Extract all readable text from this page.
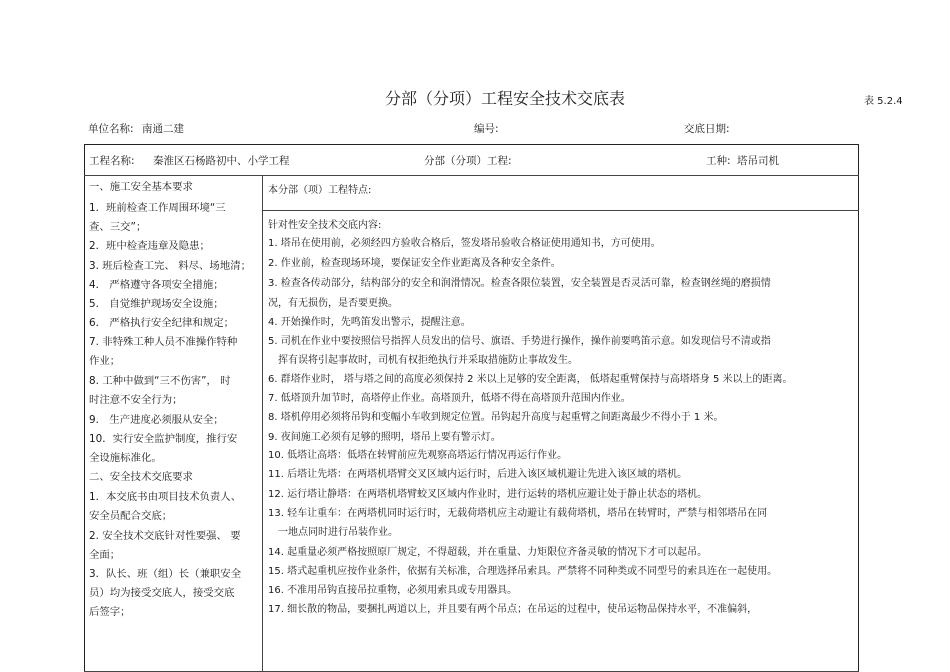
分部（分项）工程安全技术交底表	表 5.2.4
单位名称: 南通二建	编号:	交底日期:
工程名称: 秦淮区石杨路初中、小学工程	分部（分项）工程:	工种: 塔吊司机
一、施工安全基本要求
1．班前检查工作周围环境“三
查、三交”；
2．班中检查违章及隐患；
3. 班后检查工完、 料尽、场地清；
4． 严格遵守各项安全措施；
5． 自觉维护现场安全设施；
6． 严格执行安全纪律和规定；
7. 非特殊工种人员不准操作特种
作业；
8. 工种中做到“三不伤害”， 时
时注意不安全行为；
9． 生产进度必须服从安全；
10．实行安全监护制度，推行安
全设施标准化。
二、安全技术交底要求
1．本交底书由项目技术负责人、
安全员配合交底；
2. 安全技术交底针对性要强、 要
全面；
3．队长、班（组）长（兼职安全
员）均为接受交底人，接受交底
后签字；
本分部（项）工程特点:
针对性安全技术交底内容:
1. 塔吊在使用前，必须经四方验收合格后，签发塔吊验收合格证使用通知书，方可使用。
2. 作业前，检查现场环境，要保证安全作业距离及各种安全条件。
3. 检查各传动部分，结构部分的安全和润滑情况。检查各限位装置，安全装置是否灵活可靠，检查钢丝绳的磨损情
况，有无损伤，是否要更换。
4. 开始操作时，先鸣笛发出警示，提醒注意。
5. 司机在作业中要按照信号指挥人员发出的信号、旗语、手势进行操作，操作前要鸣笛示意。如发现信号不清或指
挥有误将引起事故时，司机有权拒绝执行并采取措施防止事故发生。
6. 群塔作业时， 塔与塔之间的高度必须保持 2 米以上足够的安全距离， 低塔起重臂保持与高塔塔身 5 米以上的距离。
7. 低塔顶升加节时，高塔停止作业。高塔顶升，低塔不得在高塔顶升范围内作业。
8. 塔机停用必须将吊钩和变幅小车收到规定位置。吊钩起升高度与起重臂之间距离最少不得小于 1 米。
9. 夜间施工必须有足够的照明，塔吊上要有警示灯。
10. 低塔让高塔：低塔在转臂前应先观察高塔运行情况再运行作业。
11. 后塔让先塔：在两塔机塔臂交叉区域内运行时，后进入该区域机避让先进入该区域的塔机。
12. 运行塔让静塔：在两塔机塔臂蛟叉区域内作业时，进行运转的塔机应避让处于静止状态的塔机。
13. 轻车让重车：在两塔机同时运行时，无载荷塔机应主动避让有载荷塔机，塔吊在转臂时，严禁与相邻塔吊在同
一地点同时进行吊装作业。
14. 起重量必须严格按照原厂规定，不得超载，并在重量、力矩限位齐备灵敏的情况下才可以起吊。
15. 塔式起重机应按作业条件，依据有关标准，合理选择吊索具。严禁将不同种类或不同型号的索具连在一起使用。
16. 不准用吊钩直接吊拉重物，必须用索具或专用器具。
17. 细长散的物品，要捆扎两道以上，并且要有两个吊点；在吊运的过程中，使吊运物品保持水平，不准偏斜，
